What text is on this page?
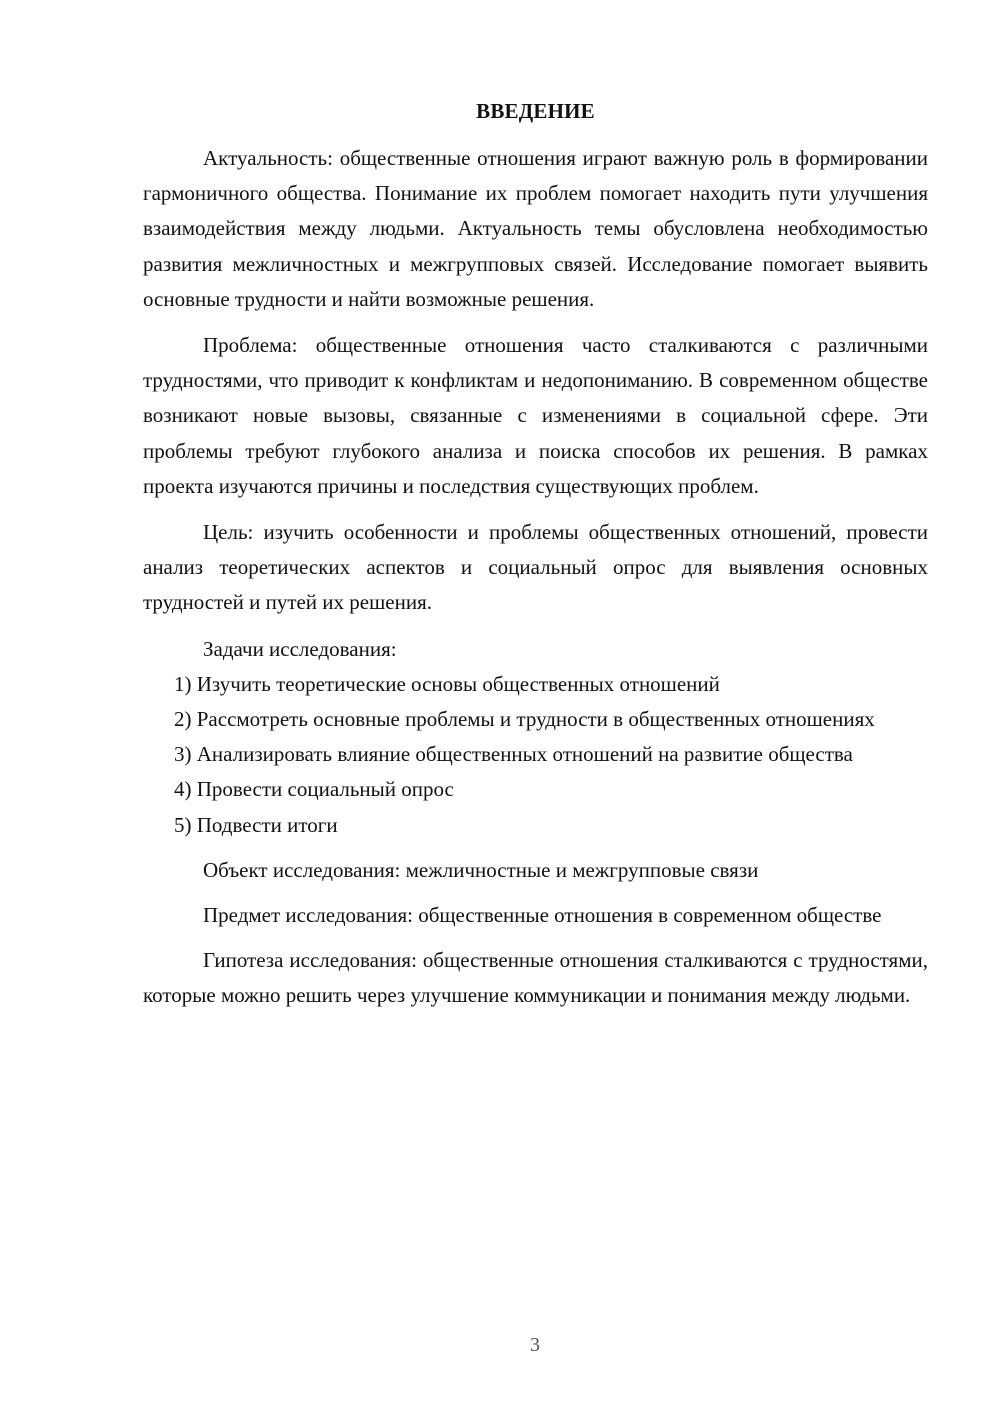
ВВЕДЕНИЕ

Актуальность: общественные отношения играют важную роль в формировании гармоничного общества. Понимание их проблем помогает находить пути улучшения взаимодействия между людьми. Актуальность темы обусловлена необходимостью развития межличностных и межгрупповых связей. Исследование помогает выявить основные трудности и найти возможные решения.

Проблема: общественные отношения часто сталкиваются с различными трудностями, что приводит к конфликтам и недопониманию. В современном обществе возникают новые вызовы, связанные с изменениями в социальной сфере. Эти проблемы требуют глубокого анализа и поиска способов их решения. В рамках проекта изучаются причины и последствия существующих проблем.

Цель: изучить особенности и проблемы общественных отношений, провести анализ теоретических аспектов и социальный опрос для выявления основных трудностей и путей их решения.

Задачи исследования:

1) Изучить теоретические основы общественных отношений

2) Рассмотреть основные проблемы и трудности в общественных отношениях

3) Анализировать влияние общественных отношений на развитие общества

4) Провести социальный опрос

5) Подвести итоги

Объект исследования: межличностные и межгрупповые связи

Предмет исследования: общественные отношения в современном обществе

Гипотеза исследования: общественные отношения сталкиваются с трудностями, которые можно решить через улучшение коммуникации и понимания между людьми.

3
